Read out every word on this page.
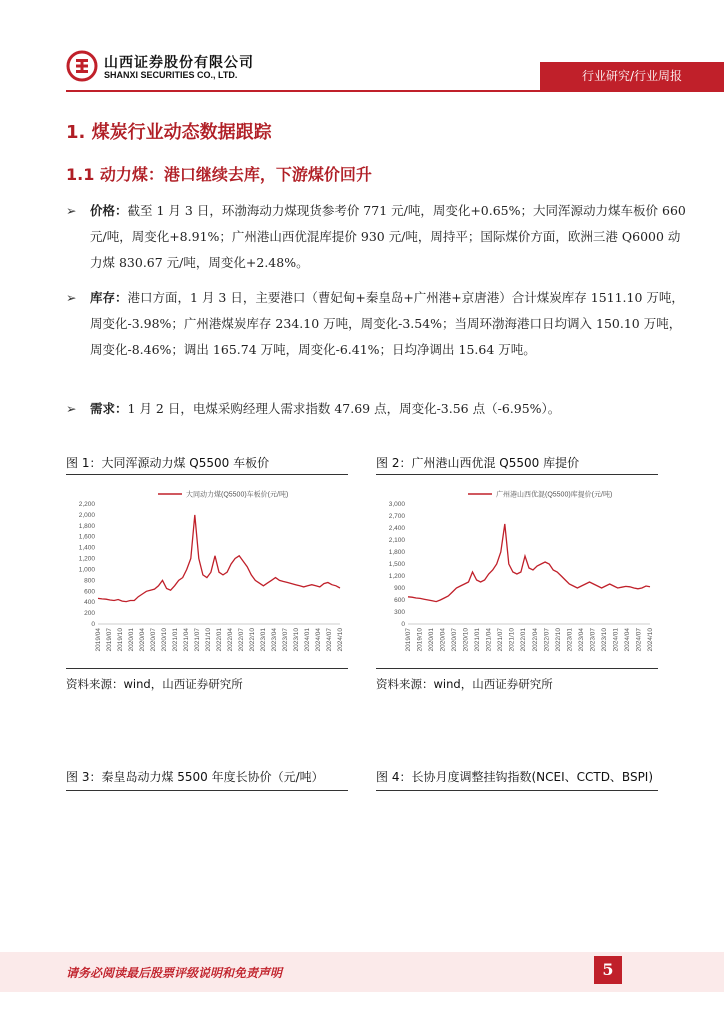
山西证券股份有限公司
SHANXI SECURITIES CO., LTD.	行业研究/行业周报
1. 煤炭行业动态数据跟踪
1.1 动力煤：港口继续去库，下游煤价回升
➢ 价格：截至 1 月 3 日，环渤海动力煤现货参考价 771 元/吨，周变化+0.65%；大同浑源动力煤车板价 660 元/吨，周变化+8.91%；广州港山西优混库提价 930 元/吨，周持平；国际煤价方面，欧洲三港 Q6000 动力煤 830.67 元/吨，周变化+2.48%。
➢ 库存：港口方面，1 月 3 日，主要港口（曹妃甸+秦皇岛+广州港+京唐港）合计煤炭库存 1511.10 万吨，周变化-3.98%；广州港煤炭库存 234.10 万吨，周变化-3.54%；当周环渤海港口日均调入 150.10 万吨，周变化-8.46%；调出 165.74 万吨，周变化-6.41%；日均净调出 15.64 万吨。
➢ 需求：1 月 2 日，电煤采购经理人需求指数 47.69 点，周变化-3.56 点（-6.95%）。
图 1：大同浑源动力煤 Q5500 车板价
大同动力煤(Q5500)车板价(元/吨)
0
200
400
600
800
1,000
1,200
1,400
1,600
1,800
2,000
2,200
2019/04 2019/07 2019/10 2020/01 2020/04 2020/07 2020/10 2021/01 2021/04 2021/07 2021/10 2022/01 2022/04 2022/07 2022/10 2023/01 2023/04 2023/07 2023/10 2024/01 2024/04 2024/07 2024/10
资料来源：wind，山西证券研究所
图 2：广州港山西优混 Q5500 库提价
广州港山西优混(Q5500)库提价(元/吨)
0
300
600
900
1,200
1,500
1,800
2,100
2,400
2,700
3,000
2019/07 2019/10 2020/01 2020/04 2020/07 2020/10 2021/01 2021/04 2021/07 2021/10 2022/01 2022/04 2022/07 2022/10 2023/01 2023/04 2023/07 2023/10 2024/01 2024/04 2024/07 2024/10
资料来源：wind，山西证券研究所
图 3：秦皇岛动力煤 5500 年度长协价（元/吨）	图 4：长协月度调整挂钩指数(NCEI、CCTD、BSPI)
请务必阅读最后股票评级说明和免责声明	5
